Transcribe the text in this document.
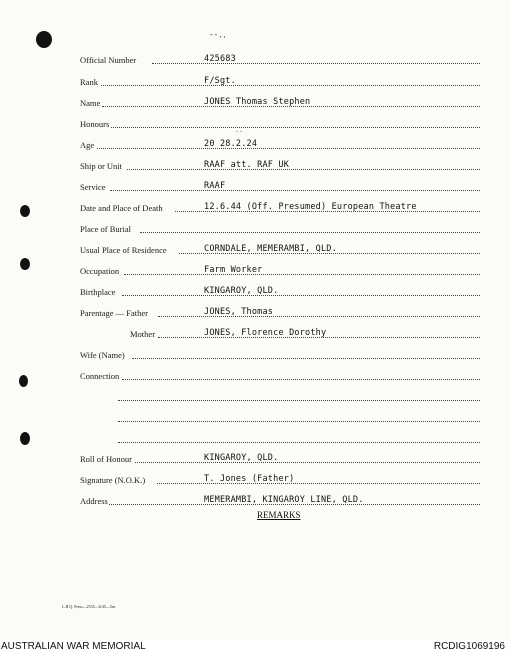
‐ ‐ , ,
. .
Official Number	425683
Rank	F/Sgt.
Name	JONES Thomas Stephen
Honours
Age	20 28.2.24
Ship or Unit	RAAF att. RAF UK
Service	RAAF
Date and Place of Death	12.6.44 (Off. Presumed) European Theatre
Place of Burial
Usual Place of Residence	CORNDALE, MEMERAMBI, QLD.
Occupation	Farm Worker
Birthplace	KINGAROY, QLD.
Parentage — Father	JONES, Thomas
Mother	JONES, Florence Dorothy
Wife (Name)
Connection
Roll of Honour	KINGAROY, QLD.
Signature (N.O.K.)	T. Jones (Father)
Address	MEMERAMBI, KINGAROY LINE, QLD.
REMARKS
L.H.Q. Press—2535—6/45—5m.
AUSTRALIAN WAR MEMORIAL	RCDIG1069196
